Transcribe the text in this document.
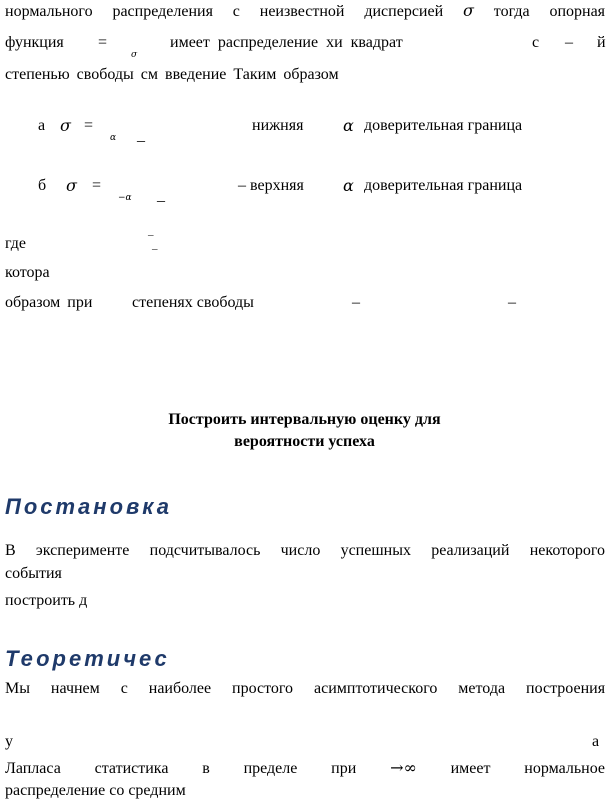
нормального распределения с неизвестной дисперсией σ тогда опорная
функция =
σ
имеет распределение хи квадрат	с – й
степенью свободы см введение Таким образом
а σ =
α _
нижняя α доверительная граница
б σ =
−α _
– верхняя α доверительная граница
где
_
_
котора
образом при степенях свободы	–	–
Построить интервальную оценку для
вероятности успеха
Постановка
В эксперименте подсчитывалось число успешных реализаций некоторого
события
построить д
Теоретичес
Мы начнем с наиболее простого асимптотического метода построения
у	а
Лапласа статистика в пределе при →∞ имеет нормальное
распределение со средним
